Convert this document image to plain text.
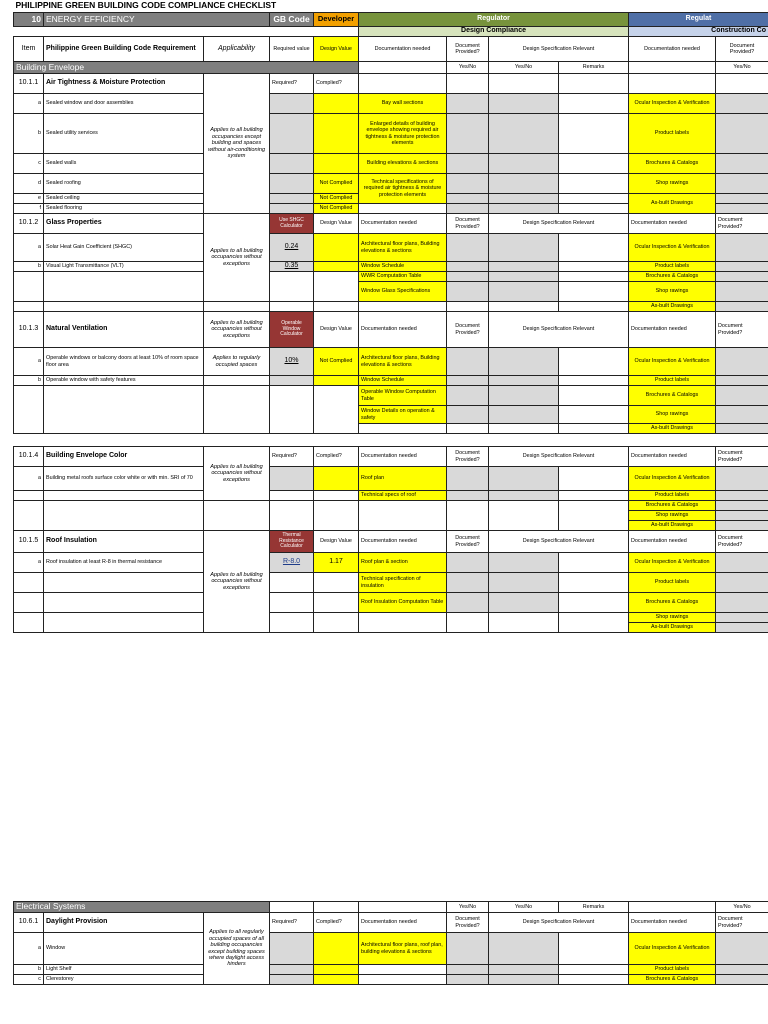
PHILIPPINE GREEN BUILDING CODE COMPLIANCE CHECKLIST										
10	ENERGY EFFICIENCY		GB Code	Developer	Regulator				Regulat	
					Design Compliance				Construction Co	
Item	Philippine Green Building Code Requirement	Applicability	Required value	Design Value	Documentation needed	Document Provided?	Design Specification Relevant		Documentation needed	Document Provided?
Building Envelope						Yes/No	Yes/No	Remarks		Yes/No
10.1.1	Air Tightness & Moisture Protection	Applies to all building occupancies except building and spaces without air-conditioning system	Required?	Complied?						
a	Sealed window and door assemblies				Bay wall sections				Ocular Inspection & Verification	
b	Sealed utility services				Enlarged details of building envelope showing required air tightness & moisture protection elements				Product labels	
c	Sealed walls				Building elevations & sections				Brochures & Catalogs	
d	Sealed roofing			Not Complied	Technical specifications of required air tightness & moisture protection elements				Shop rawings	
e	Sealed ceiling			Not Complied					As-built Drawings	
f	Sealed flooring			Not Complied						
10.1.2	Glass Properties	Applies to all building occupancies without exceptions	Use SHGC Calculator	Design Value	Documentation needed	Document Provided?	Design Specification Relevant		Documentation needed	Document Provided?
a	Solar Heat Gain Coefficient (SHGC)		0.24		Architectural floor plans, Building elevations & sections				Ocular Inspection & Verification	
b	Visual Light Transmittance (VLT)		0.35		Window Schedule				Product labels	
					WWR Computation Table				Brochures & Catalogs	
					Window Glass Specifications				Shop rawings	
									As-built Drawings	
10.1.3	Natural Ventilation	Applies to all building occupancies without exceptions	Operable Window Calculator	Design Value	Documentation needed	Document Provided?	Design Specification Relevant		Documentation needed	Document Provided?
a	Operable windows or balcony doors at least 10% of room space floor area	Applies to regularly occupied spaces	10%	Not Complied	Architectural floor plans, Building elevations & sections				Ocular Inspection & Verification	
b	Operable window with safety features				Window Schedule				Product labels	
					Operable Window Computation Table				Brochures & Catalogs	
					Window Details on operation & safety				Shop rawings	
									As-built Drawings	

10.1.4	Building Envelope Color	Applies to all building occupancies without exceptions	Required?	Complied?	Documentation needed	Document Provided?	Design Specification Relevant		Documentation needed	Document Provided?
a	Building metal roofs surface color white or with min. SRI of 70				Roof plan				Ocular Inspection & Verification	
					Technical specs of roof				Product labels	
									Brochures & Catalogs	
									Shop rawings	
									As-built Drawings	
10.1.5	Roof Insulation	Applies to all building occupancies without exceptions	Thermal Resistance Calculator	Design Value	Documentation needed	Document Provided?	Design Specification Relevant		Documentation needed	Document Provided?
a	Roof insulation at least R-8 in thermal resistance		R-8.0	1.17	Roof plan & section				Ocular Inspection & Verification	
					Technical specification of insulation				Product labels	
					Roof Insulation Computation Table				Brochures & Catalogs	
									Shop rawings	
									As-built Drawings	

Electrical Systems						Yes/No	Yes/No	Remarks		Yes/No
10.6.1	Daylight Provision	Applies to all regularly occupied spaces of all building occupancies except building spaces where daylight access hinders	Required?	Complied?	Documentation needed	Document Provided?	Design Specification Relevant		Documentation needed	Document Provided?
a	Window				Architectural floor plans, roof plan, building elevations & sections				Ocular Inspection & Verification	
b	Light Shelf								Product labels	
c	Clerestorey								Brochures & Catalogs	
